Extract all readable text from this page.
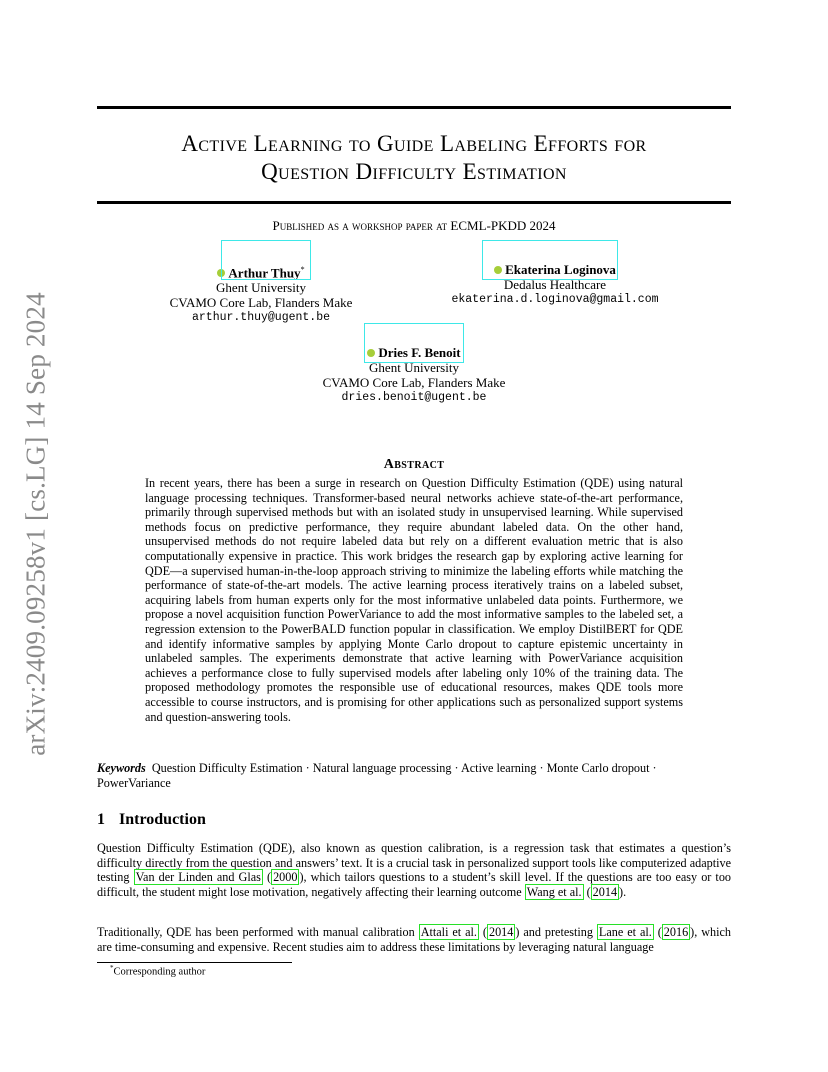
arXiv:2409.09258v1 [cs.LG] 14 Sep 2024
Active Learning to Guide Labeling Efforts for
Question Difficulty Estimation
Published as a workshop paper at ECML-PKDD 2024
Arthur Thuy*
Ghent University
CVAMO Core Lab, Flanders Make
arthur.thuy@ugent.be
Ekaterina Loginova
Dedalus Healthcare
ekaterina.d.loginova@gmail.com
Dries F. Benoit
Ghent University
CVAMO Core Lab, Flanders Make
dries.benoit@ugent.be
Abstract
In recent years, there has been a surge in research on Question Difficulty Estimation (QDE) using natural language processing techniques. Transformer-based neural networks achieve state-of-the-art performance, primarily through supervised methods but with an isolated study in unsupervised learning. While supervised methods focus on predictive performance, they require abundant labeled data. On the other hand, unsupervised methods do not require labeled data but rely on a different evaluation metric that is also computationally expensive in practice. This work bridges the research gap by exploring active learning for QDE—a supervised human-in-the-loop approach striving to minimize the labeling efforts while matching the performance of state-of-the-art models. The active learning process iteratively trains on a labeled subset, acquiring labels from human experts only for the most informative unlabeled data points. Furthermore, we propose a novel acquisition function PowerVariance to add the most informative samples to the labeled set, a regression extension to the PowerBALD function popular in classification. We employ DistilBERT for QDE and identify informative samples by applying Monte Carlo dropout to capture epistemic uncertainty in unlabeled samples. The experiments demonstrate that active learning with PowerVariance acquisition achieves a performance close to fully supervised models after labeling only 10% of the training data. The proposed methodology promotes the responsible use of educational resources, makes QDE tools more accessible to course instructors, and is promising for other applications such as personalized support systems and question-answering tools.
Keywords Question Difficulty Estimation · Natural language processing · Active learning · Monte Carlo dropout · PowerVariance
1 Introduction
Question Difficulty Estimation (QDE), also known as question calibration, is a regression task that estimates a question’s difficulty directly from the question and answers’ text. It is a crucial task in personalized support tools like computerized adaptive testing Van der Linden and Glas ( 2000 ), which tailors questions to a student’s skill level. If the questions are too easy or too difficult, the student might lose motivation, negatively affecting their learning outcome Wang et al. ( 2014 ).
Traditionally, QDE has been performed with manual calibration Attali et al. ( 2014 ) and pretesting Lane et al. ( 2016 ), which are time-consuming and expensive. Recent studies aim to address these limitations by leveraging natural language
*Corresponding author
